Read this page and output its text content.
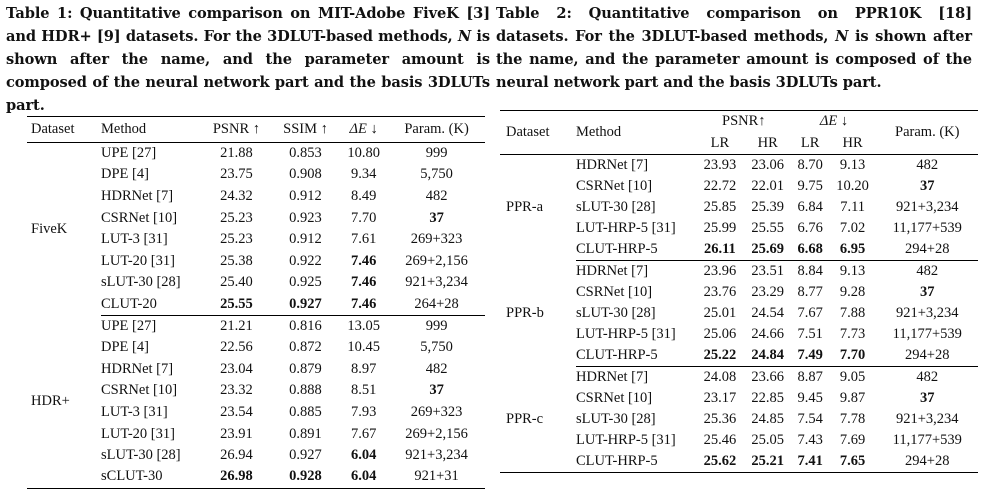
Table 1: Quantitative comparison on MIT-Adobe FiveK [3] and HDR+ [9] datasets. For the 3DLUT-based methods, N is shown after the name, and the parameter amount is composed of the neural network part and the basis 3DLUTs part.
Table 2: Quantitative comparison on PPR10K [18] datasets. For the 3DLUT-based methods, N is shown after the name, and the parameter amount is composed of the neural network part and the basis 3DLUTs part.
Dataset	Method	PSNR ↑	SSIM ↑	ΔE ↓	Param. (K)
FiveK	UPE [27]	21.88	0.853	10.80	999
	DPE [4]	23.75	0.908	9.34	5,750
	HDRNet [7]	24.32	0.912	8.49	482
	CSRNet [10]	25.23	0.923	7.70	37
	LUT-3 [31]	25.23	0.912	7.61	269+323
	LUT-20 [31]	25.38	0.922	7.46	269+2,156
	sLUT-30 [28]	25.40	0.925	7.46	921+3,234
	CLUT-20	25.55	0.927	7.46	264+28
HDR+	UPE [27]	21.21	0.816	13.05	999
	DPE [4]	22.56	0.872	10.45	5,750
	HDRNet [7]	23.04	0.879	8.97	482
	CSRNet [10]	23.32	0.888	8.51	37
	LUT-3 [31]	23.54	0.885	7.93	269+323
	LUT-20 [31]	23.91	0.891	7.67	269+2,156
	sLUT-30 [28]	26.94	0.927	6.04	921+3,234
	sCLUT-30	26.98	0.928	6.04	921+31
Dataset	Method	PSNR↑		ΔE ↓		Param. (K)
		LR	HR	LR	HR	
PPR-a	HDRNet [7]	23.93	23.06	8.70	9.13	482
	CSRNet [10]	22.72	22.01	9.75	10.20	37
	sLUT-30 [28]	25.85	25.39	6.84	7.11	921+3,234
	LUT-HRP-5 [31]	25.99	25.55	6.76	7.02	11,177+539
	CLUT-HRP-5	26.11	25.69	6.68	6.95	294+28
PPR-b	HDRNet [7]	23.96	23.51	8.84	9.13	482
	CSRNet [10]	23.76	23.29	8.77	9.28	37
	sLUT-30 [28]	25.01	24.54	7.67	7.88	921+3,234
	LUT-HRP-5 [31]	25.06	24.66	7.51	7.73	11,177+539
	CLUT-HRP-5	25.22	24.84	7.49	7.70	294+28
PPR-c	HDRNet [7]	24.08	23.66	8.87	9.05	482
	CSRNet [10]	23.17	22.85	9.45	9.87	37
	sLUT-30 [28]	25.36	24.85	7.54	7.78	921+3,234
	LUT-HRP-5 [31]	25.46	25.05	7.43	7.69	11,177+539
	CLUT-HRP-5	25.62	25.21	7.41	7.65	294+28
